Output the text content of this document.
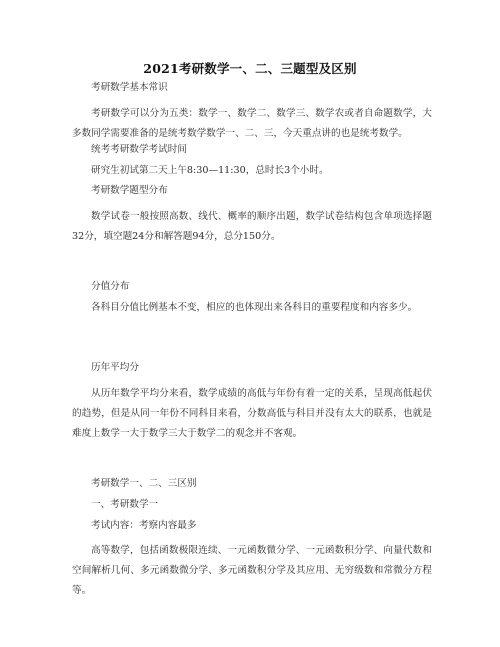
2021考研数学一、二、三题型及区别
考研数学基本常识
考研数学可以分为五类：数学一、数学二、数学三、数学农或者自命题数学，大多数同学需要准备的是统考数学数学一、二、三，今天重点讲的也是统考数学。
统考考研数学考试时间
研究生初试第二天上午8:30—11:30，总时长3个小时。
考研数学题型分布
数学试卷一般按照高数、线代、概率的顺序出题，数学试卷结构包含单项选择题32分，填空题24分和解答题94分，总分150分。
分值分布
各科目分值比例基本不变，相应的也体现出来各科目的重要程度和内容多少。
历年平均分
从历年数学平均分来看，数学成绩的高低与年份有着一定的关系，呈现高低起伏的趋势，但是从同一年份不同科目来看，分数高低与科目并没有太大的联系，也就是难度上数学一大于数学三大于数学二的观念并不客观。
考研数学一、二、三区别
一、考研数学一
考试内容：考察内容最多
高等数学，包括函数极限连续、一元函数微分学、一元函数积分学、向量代数和空间解析几何、多元函数微分学、多元函数积分学及其应用、无穷级数和常微分方程等。
